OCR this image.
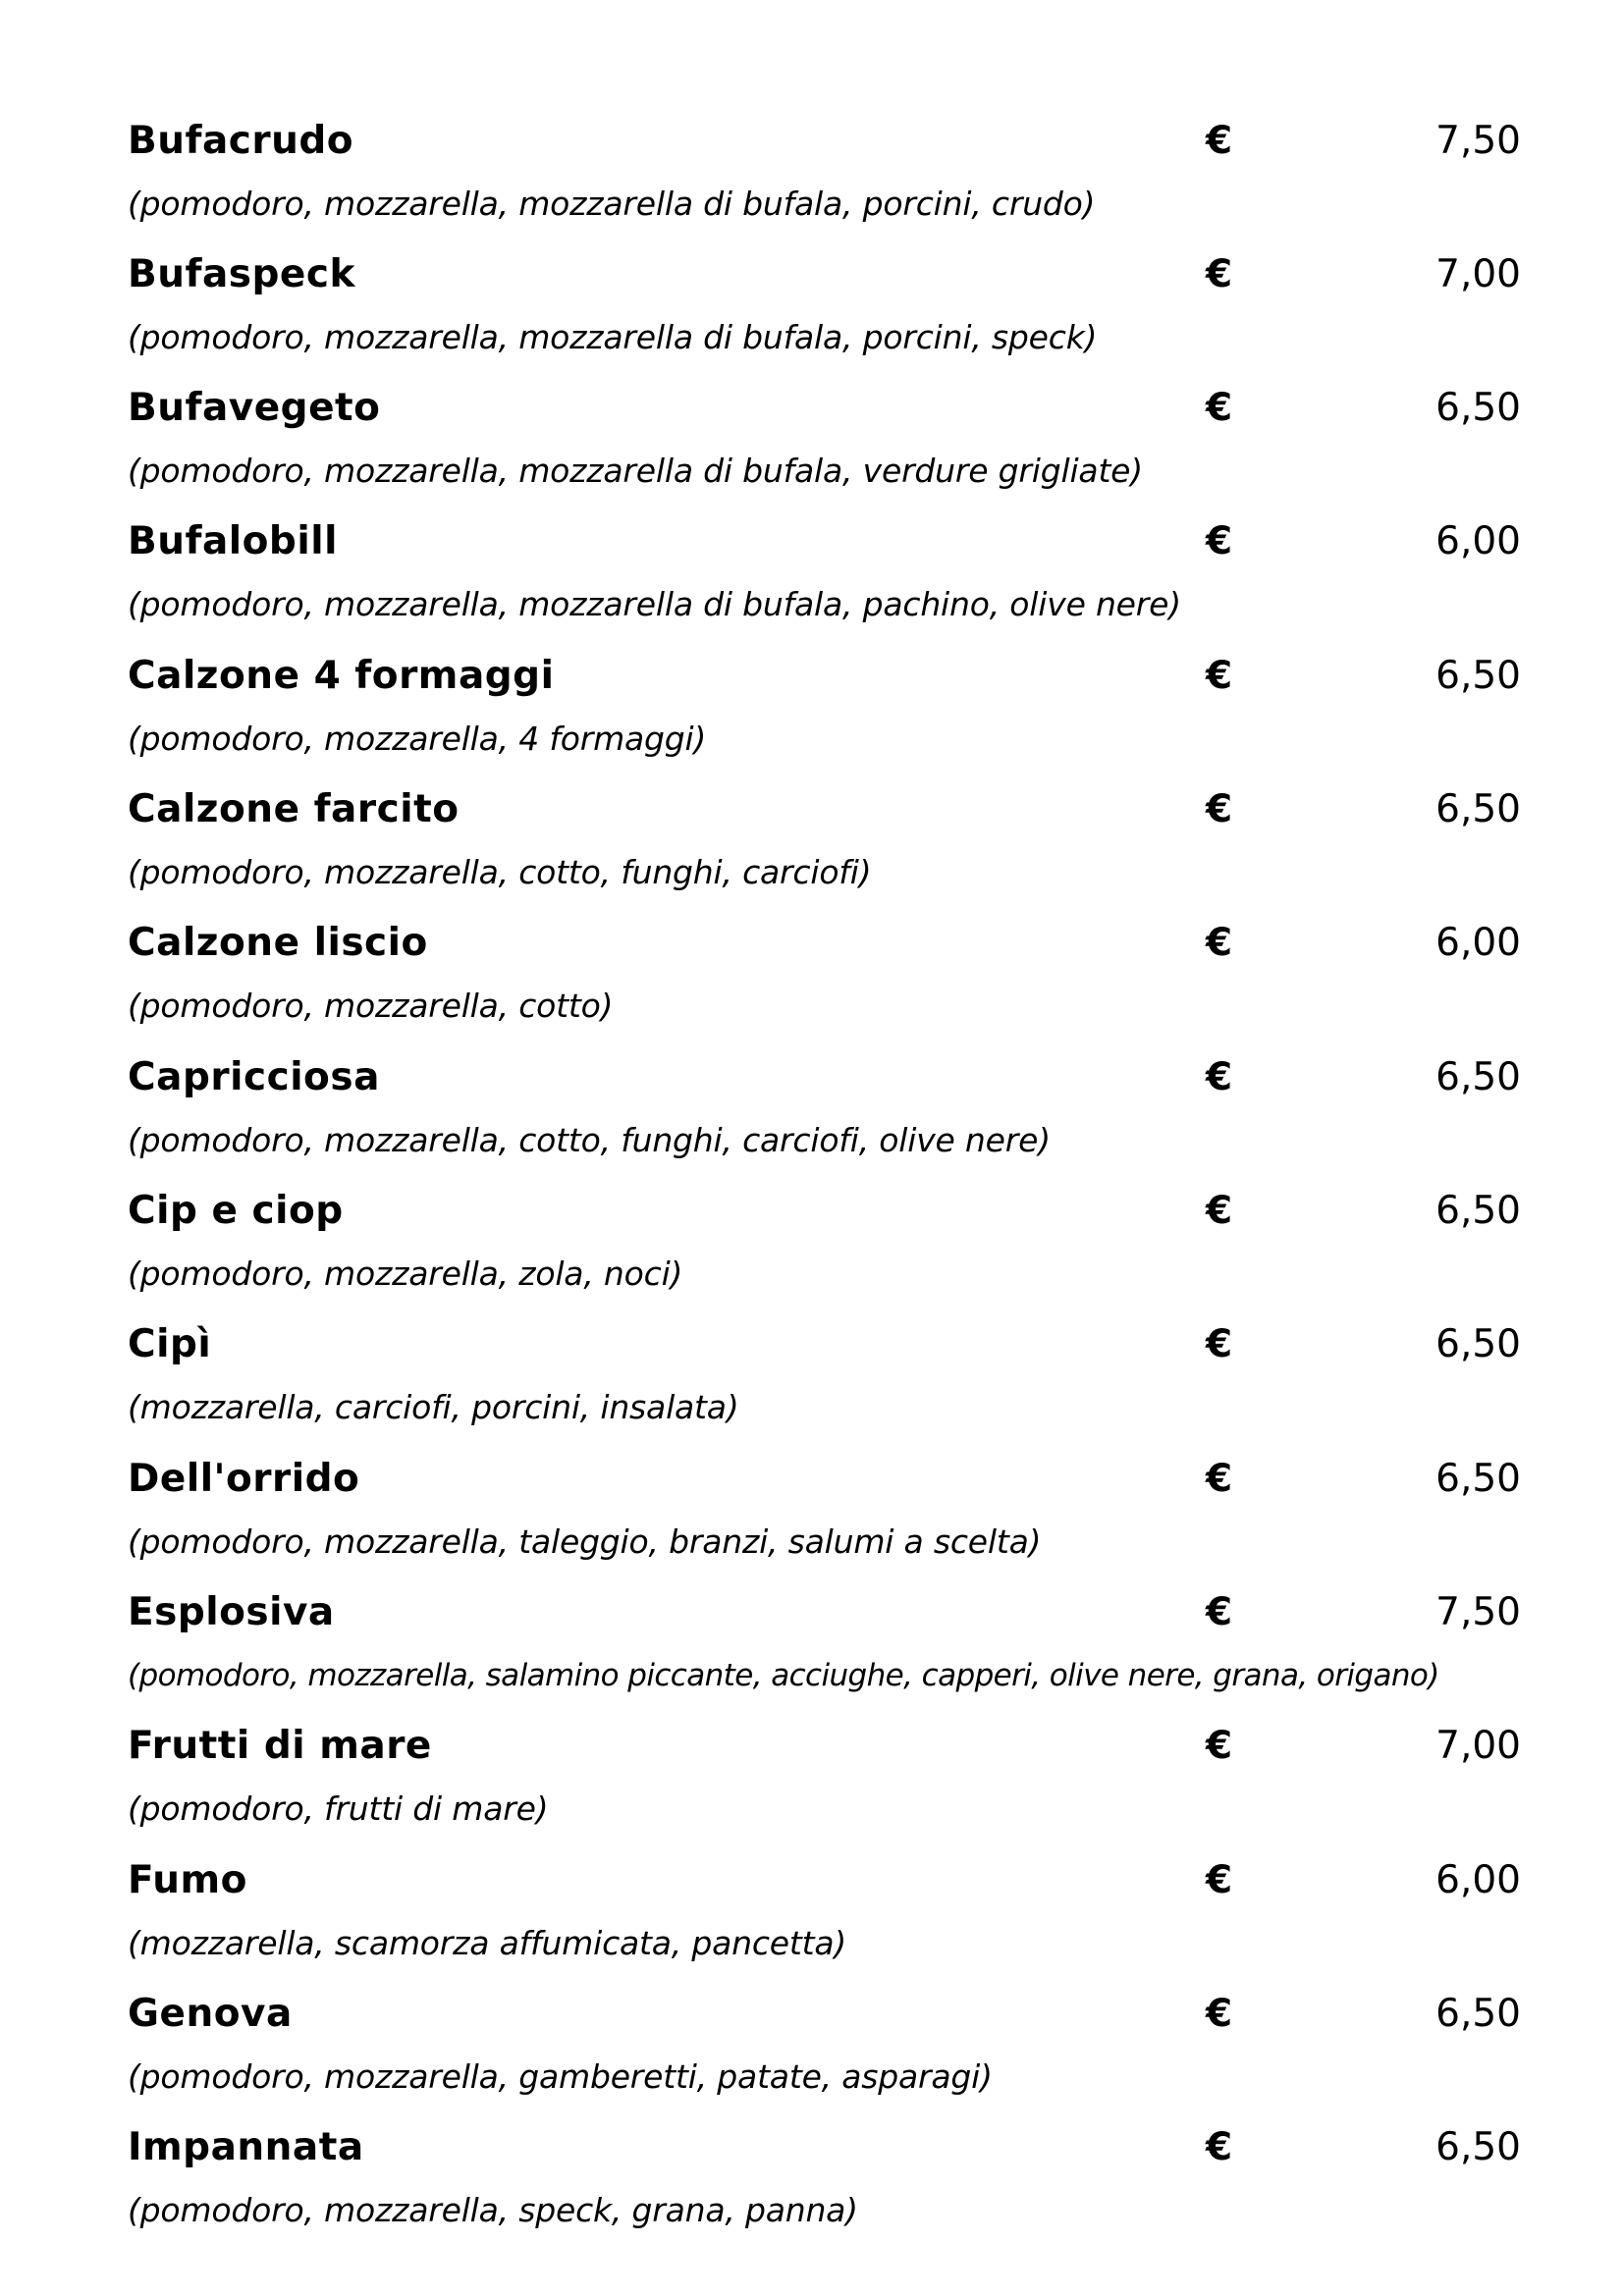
Bufacrudo	€	7,50
(pomodoro, mozzarella, mozzarella di bufala, porcini, crudo)
Bufaspeck	€	7,00
(pomodoro, mozzarella, mozzarella di bufala, porcini, speck)
Bufavegeto	€	6,50
(pomodoro, mozzarella, mozzarella di bufala, verdure grigliate)
Bufalobill	€	6,00
(pomodoro, mozzarella, mozzarella di bufala, pachino, olive nere)
Calzone 4 formaggi	€	6,50
(pomodoro, mozzarella, 4 formaggi)
Calzone farcito	€	6,50
(pomodoro, mozzarella, cotto, funghi, carciofi)
Calzone liscio	€	6,00
(pomodoro, mozzarella, cotto)
Capricciosa	€	6,50
(pomodoro, mozzarella, cotto, funghi, carciofi, olive nere)
Cip e ciop	€	6,50
(pomodoro, mozzarella, zola, noci)
Cipì	€	6,50
(mozzarella, carciofi, porcini, insalata)
Dell'orrido	€	6,50
(pomodoro, mozzarella, taleggio, branzi, salumi a scelta)
Esplosiva	€	7,50
(pomodoro, mozzarella, salamino piccante, acciughe, capperi, olive nere, grana, origano)
Frutti di mare	€	7,00
(pomodoro, frutti di mare)
Fumo	€	6,00
(mozzarella, scamorza affumicata, pancetta)
Genova	€	6,50
(pomodoro, mozzarella, gamberetti, patate, asparagi)
Impannata	€	6,50
(pomodoro, mozzarella, speck, grana, panna)
